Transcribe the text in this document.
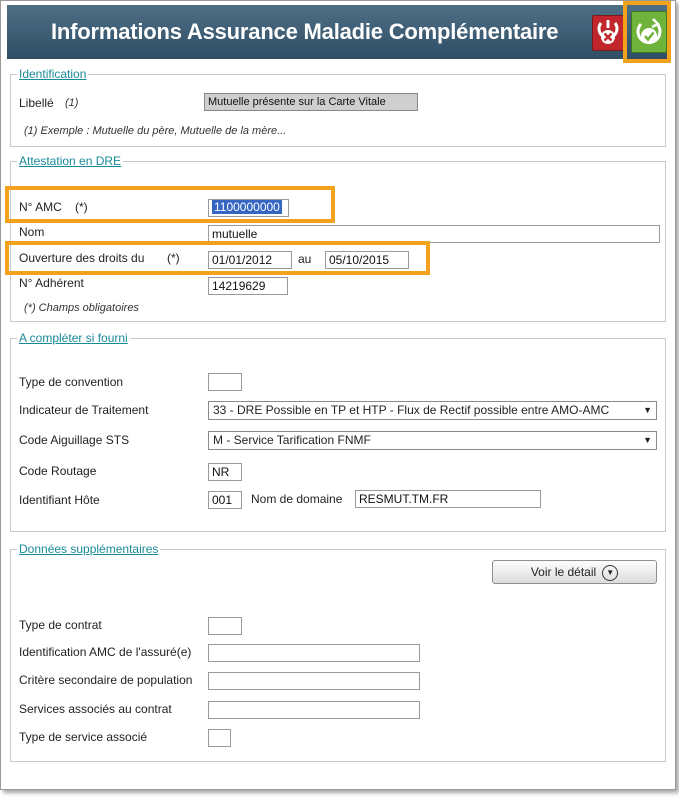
Informations Assurance Maladie Complémentaire
Identification
Libellé (1)	Mutuelle présente sur la Carte Vitale
(1) Exemple : Mutuelle du père, Mutuelle de la mère...
Attestation en DRE
N° AMC (*)	1100000000
Nom	mutuelle
Ouverture des droits du (*)	01/01/2012	au	05/10/2015
N° Adhérent	14219629
(*) Champs obligatoires
A compléter si fourni
Type de convention
Indicateur de Traitement	33 - DRE Possible en TP et HTP - Flux de Rectif possible entre AMO-AMC	▼
Code Aiguillage STS	M - Service Tarification FNMF	▼
Code Routage	NR
Identifiant Hôte	001	Nom de domaine	RESMUT.TM.FR
Données supplémentaires
Voir le détail ▼
Type de contrat
Identification AMC de l'assuré(e)
Critère secondaire de population
Services associés au contrat
Type de service associé
